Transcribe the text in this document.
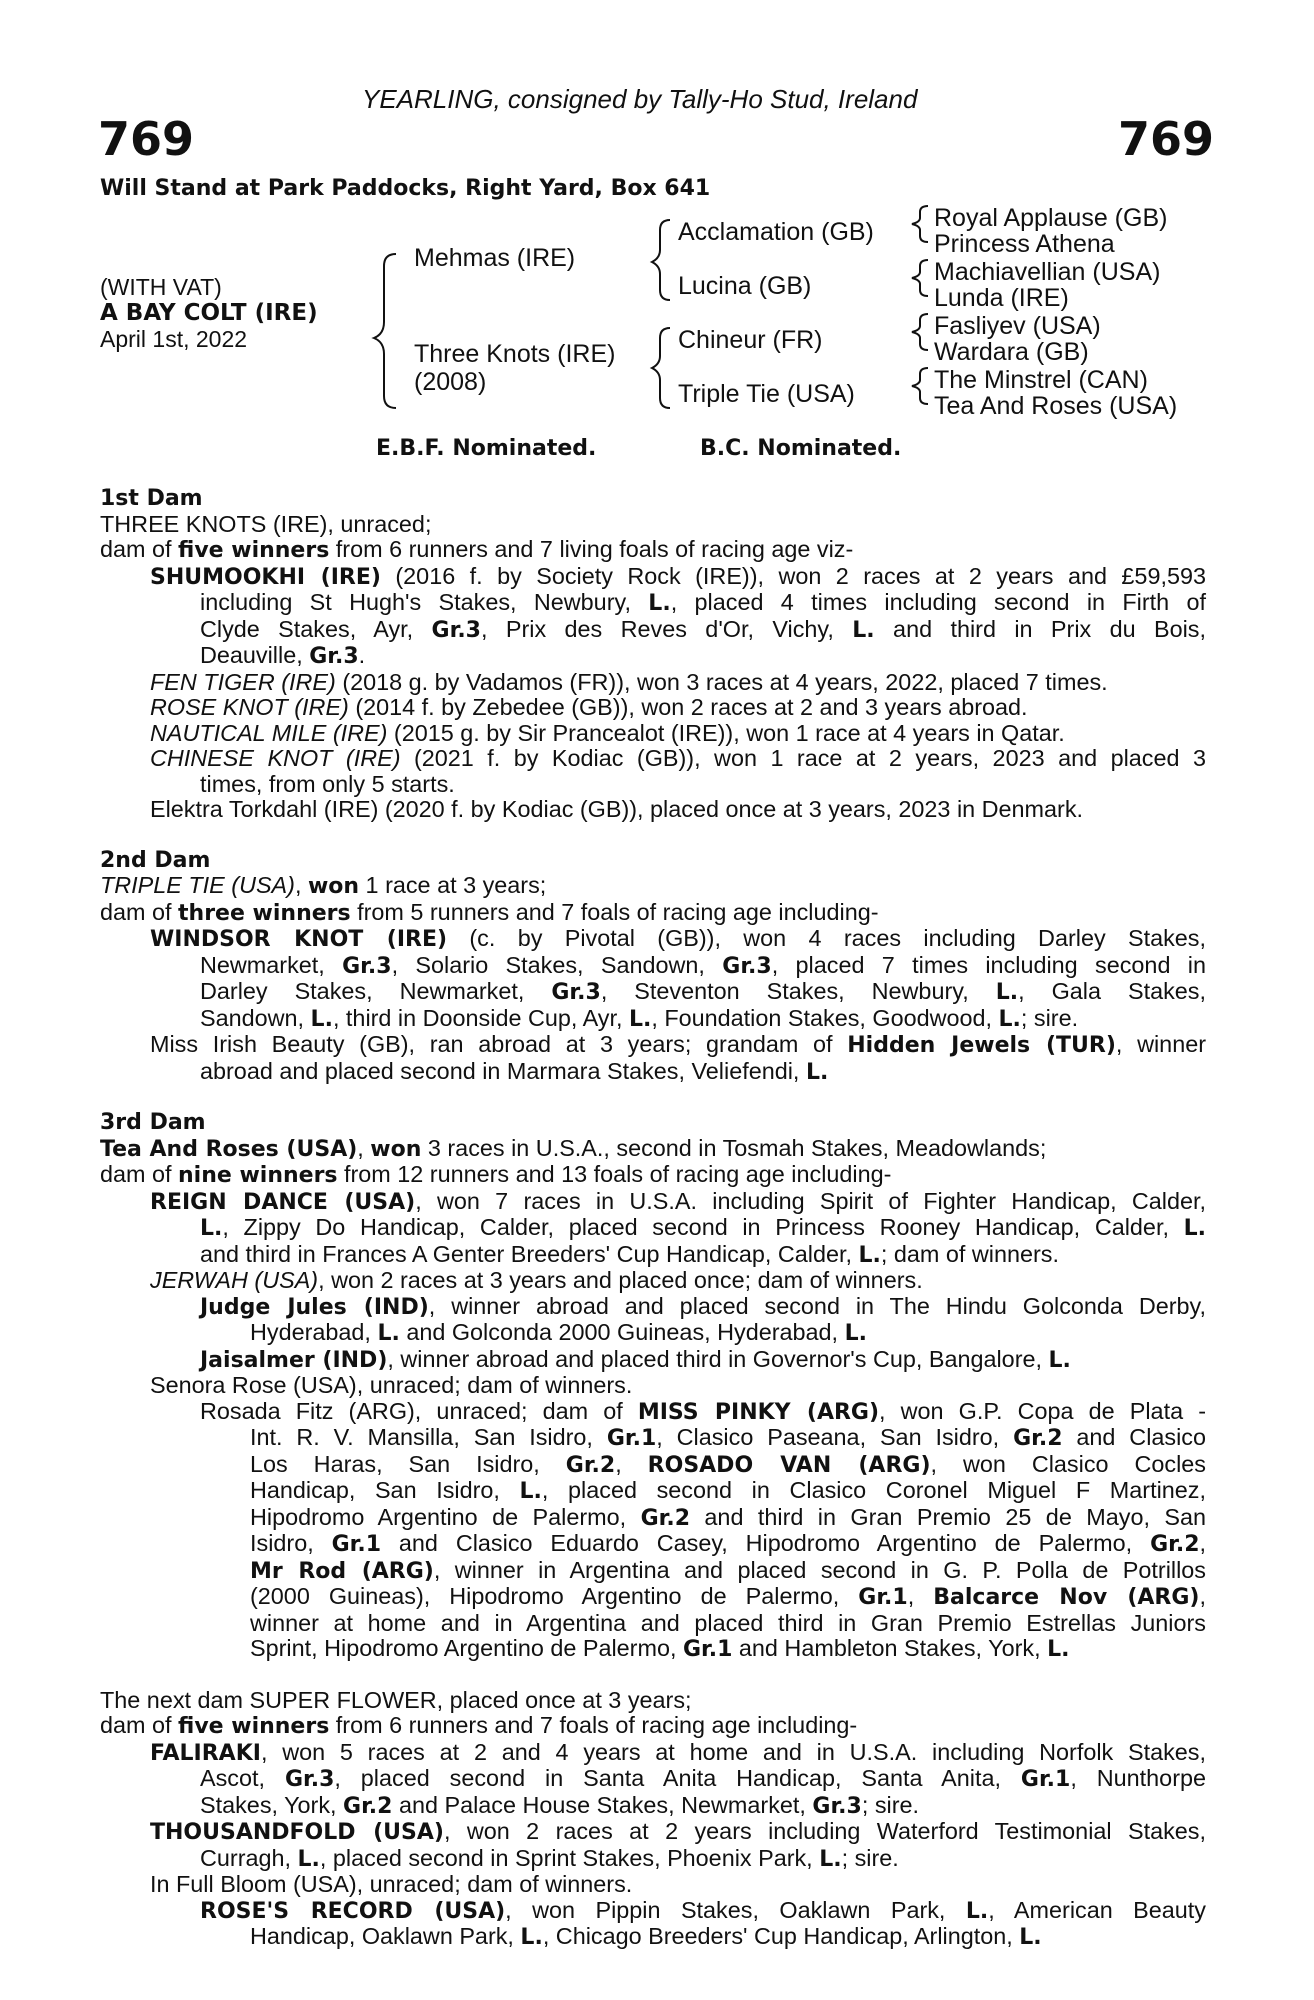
YEARLING, consigned by Tally-Ho Stud, Ireland
769	769
Will Stand at Park Paddocks, Right Yard, Box 641
(WITH VAT)
A BAY COLT (IRE)
April 1st, 2022
Mehmas (IRE)
Three Knots (IRE)
(2008)
Acclamation (GB)
Lucina (GB)
Chineur (FR)
Triple Tie (USA)
Royal Applause (GB)
Princess Athena
Machiavellian (USA)
Lunda (IRE)
Fasliyev (USA)
Wardara (GB)
The Minstrel (CAN)
Tea And Roses (USA)
E.B.F. Nominated.	B.C. Nominated.
1st Dam
THREE KNOTS (IRE), unraced;
dam of five winners from 6 runners and 7 living foals of racing age viz-
SHUMOOKHI (IRE) (2016 f. by Society Rock (IRE)), won 2 races at 2 years and £59,593
including St Hugh's Stakes, Newbury, L., placed 4 times including second in Firth of
Clyde Stakes, Ayr, Gr.3, Prix des Reves d'Or, Vichy, L. and third in Prix du Bois,
Deauville, Gr.3.
FEN TIGER (IRE) (2018 g. by Vadamos (FR)), won 3 races at 4 years, 2022, placed 7 times.
ROSE KNOT (IRE) (2014 f. by Zebedee (GB)), won 2 races at 2 and 3 years abroad.
NAUTICAL MILE (IRE) (2015 g. by Sir Prancealot (IRE)), won 1 race at 4 years in Qatar.
CHINESE KNOT (IRE) (2021 f. by Kodiac (GB)), won 1 race at 2 years, 2023 and placed 3
times, from only 5 starts.
Elektra Torkdahl (IRE) (2020 f. by Kodiac (GB)), placed once at 3 years, 2023 in Denmark.
2nd Dam
TRIPLE TIE (USA), won 1 race at 3 years;
dam of three winners from 5 runners and 7 foals of racing age including-
WINDSOR KNOT (IRE) (c. by Pivotal (GB)), won 4 races including Darley Stakes,
Newmarket, Gr.3, Solario Stakes, Sandown, Gr.3, placed 7 times including second in
Darley Stakes, Newmarket, Gr.3, Steventon Stakes, Newbury, L., Gala Stakes,
Sandown, L., third in Doonside Cup, Ayr, L., Foundation Stakes, Goodwood, L.; sire.
Miss Irish Beauty (GB), ran abroad at 3 years; grandam of Hidden Jewels (TUR), winner
abroad and placed second in Marmara Stakes, Veliefendi, L.
3rd Dam
Tea And Roses (USA), won 3 races in U.S.A., second in Tosmah Stakes, Meadowlands;
dam of nine winners from 12 runners and 13 foals of racing age including-
REIGN DANCE (USA), won 7 races in U.S.A. including Spirit of Fighter Handicap, Calder,
L., Zippy Do Handicap, Calder, placed second in Princess Rooney Handicap, Calder, L.
and third in Frances A Genter Breeders' Cup Handicap, Calder, L.; dam of winners.
JERWAH (USA), won 2 races at 3 years and placed once; dam of winners.
Judge Jules (IND), winner abroad and placed second in The Hindu Golconda Derby,
Hyderabad, L. and Golconda 2000 Guineas, Hyderabad, L.
Jaisalmer (IND), winner abroad and placed third in Governor's Cup, Bangalore, L.
Senora Rose (USA), unraced; dam of winners.
Rosada Fitz (ARG), unraced; dam of MISS PINKY (ARG), won G.P. Copa de Plata -
Int. R. V. Mansilla, San Isidro, Gr.1, Clasico Paseana, San Isidro, Gr.2 and Clasico
Los Haras, San Isidro, Gr.2, ROSADO VAN (ARG), won Clasico Cocles
Handicap, San Isidro, L., placed second in Clasico Coronel Miguel F Martinez,
Hipodromo Argentino de Palermo, Gr.2 and third in Gran Premio 25 de Mayo, San
Isidro, Gr.1 and Clasico Eduardo Casey, Hipodromo Argentino de Palermo, Gr.2,
Mr Rod (ARG), winner in Argentina and placed second in G. P. Polla de Potrillos
(2000 Guineas), Hipodromo Argentino de Palermo, Gr.1, Balcarce Nov (ARG),
winner at home and in Argentina and placed third in Gran Premio Estrellas Juniors
Sprint, Hipodromo Argentino de Palermo, Gr.1 and Hambleton Stakes, York, L.
The next dam SUPER FLOWER, placed once at 3 years;
dam of five winners from 6 runners and 7 foals of racing age including-
FALIRAKI, won 5 races at 2 and 4 years at home and in U.S.A. including Norfolk Stakes,
Ascot, Gr.3, placed second in Santa Anita Handicap, Santa Anita, Gr.1, Nunthorpe
Stakes, York, Gr.2 and Palace House Stakes, Newmarket, Gr.3; sire.
THOUSANDFOLD (USA), won 2 races at 2 years including Waterford Testimonial Stakes,
Curragh, L., placed second in Sprint Stakes, Phoenix Park, L.; sire.
In Full Bloom (USA), unraced; dam of winners.
ROSE'S RECORD (USA), won Pippin Stakes, Oaklawn Park, L., American Beauty
Handicap, Oaklawn Park, L., Chicago Breeders' Cup Handicap, Arlington, L.
